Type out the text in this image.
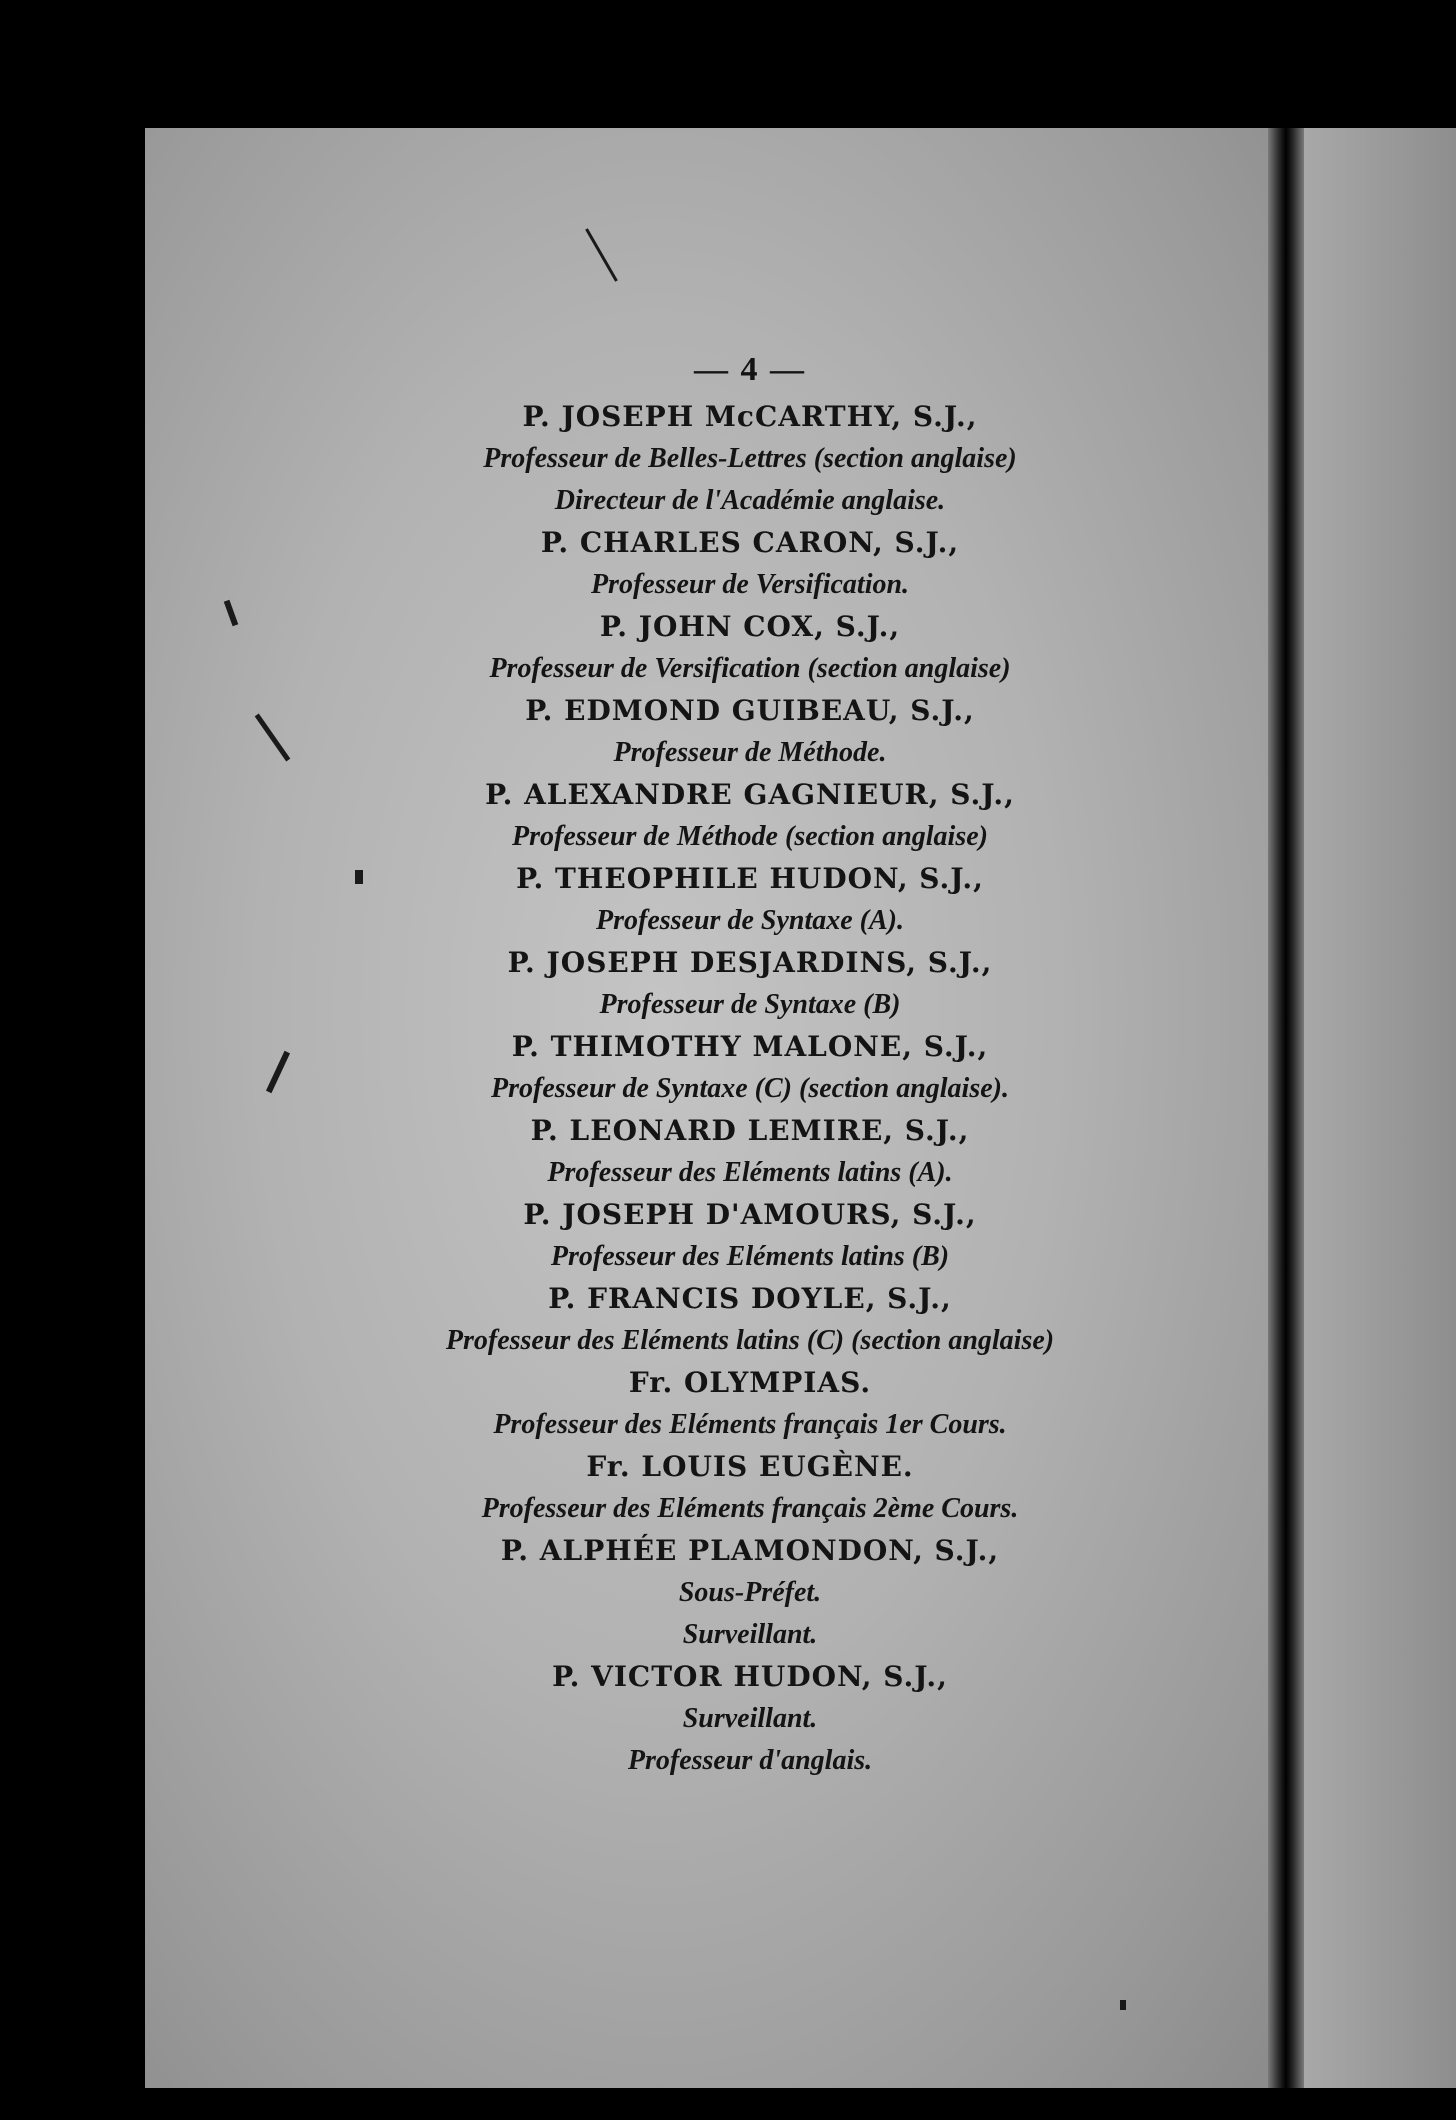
— 4 —
P. JOSEPH McCARTHY, S.J.,
Professeur de Belles-Lettres (section anglaise)
Directeur de l'Académie anglaise.
P. CHARLES CARON, S.J.,
Professeur de Versification.
P. JOHN COX, S.J.,
Professeur de Versification (section anglaise)
P. EDMOND GUIBEAU, S.J.,
Professeur de Méthode.
P. ALEXANDRE GAGNIEUR, S.J.,
Professeur de Méthode (section anglaise)
P. THEOPHILE HUDON, S.J.,
Professeur de Syntaxe (A).
P. JOSEPH DESJARDINS, S.J.,
Professeur de Syntaxe (B)
P. THIMOTHY MALONE, S.J.,
Professeur de Syntaxe (C) (section anglaise).
P. LEONARD LEMIRE, S.J.,
Professeur des Eléments latins (A).
P. JOSEPH D'AMOURS, S.J.,
Professeur des Eléments latins (B)
P. FRANCIS DOYLE, S.J.,
Professeur des Eléments latins (C) (section anglaise)
Fr. OLYMPIAS.
Professeur des Eléments français 1er Cours.
Fr. LOUIS EUGÈNE.
Professeur des Eléments français 2ème Cours.
P. ALPHÉE PLAMONDON, S.J.,
Sous-Préfet.
Surveillant.
P. VICTOR HUDON, S.J.,
Surveillant.
Professeur d'anglais.
